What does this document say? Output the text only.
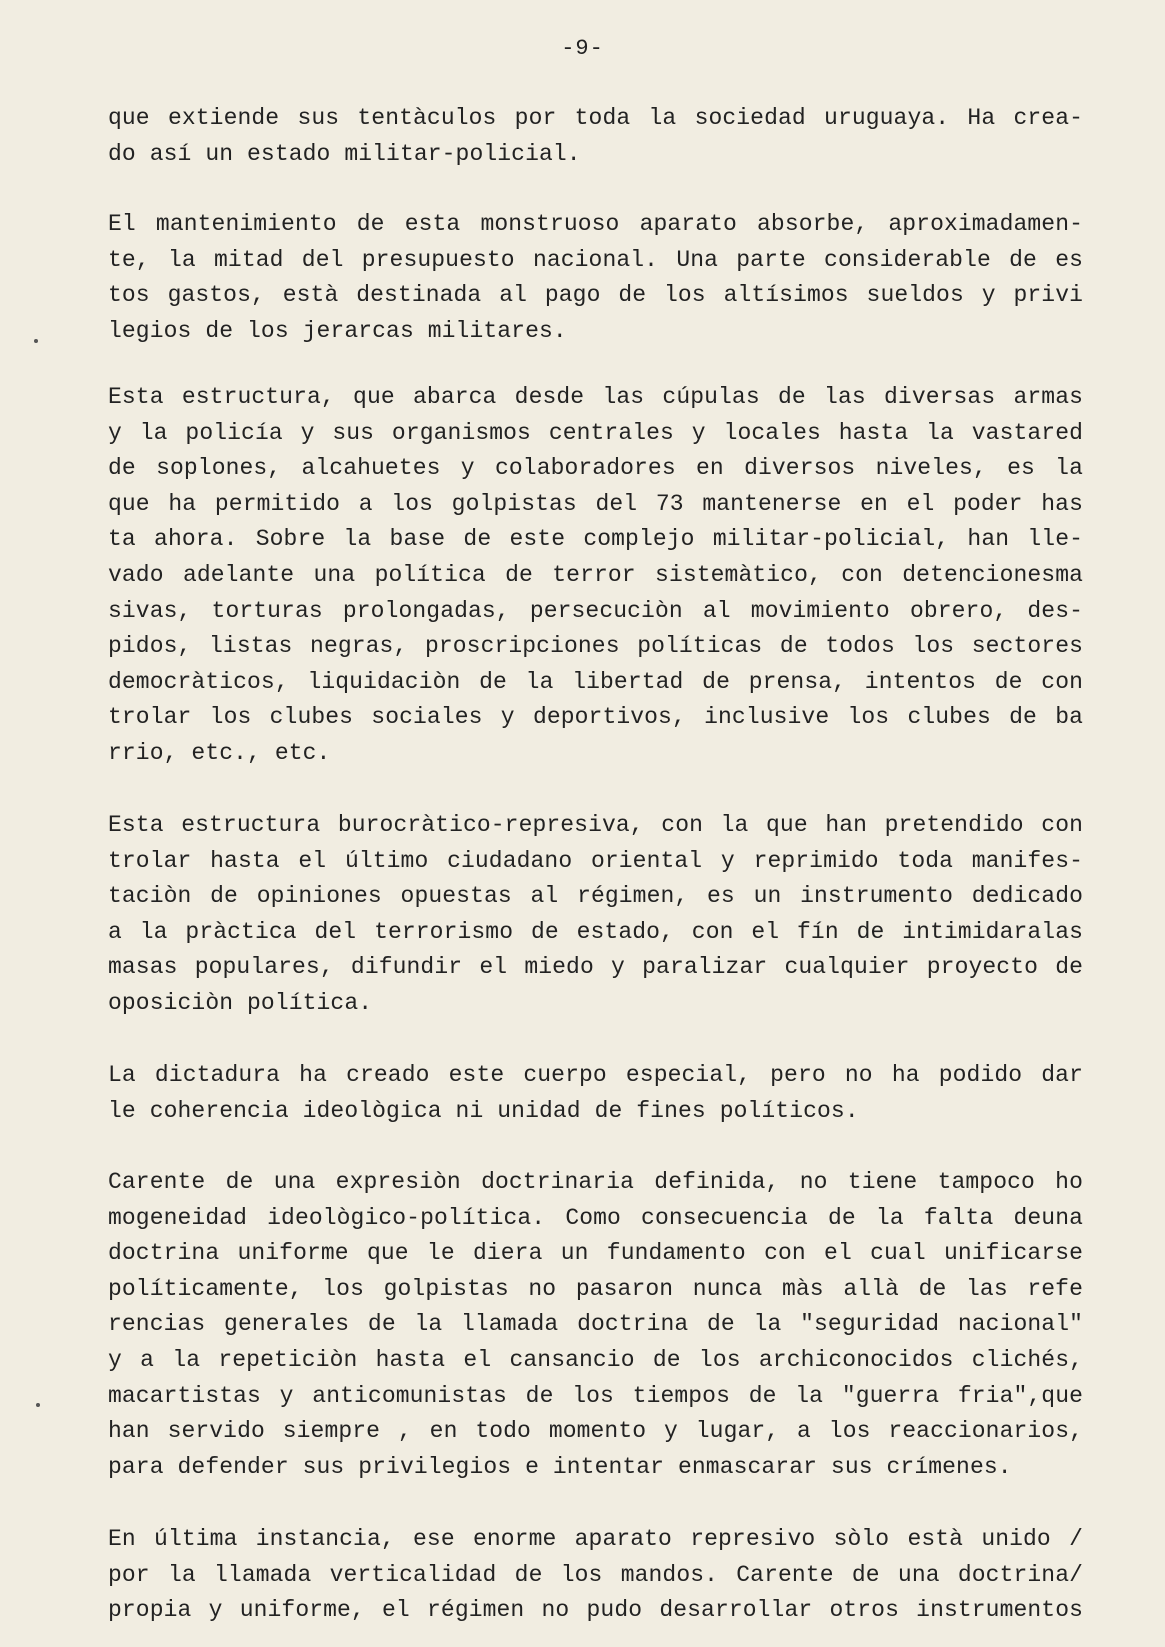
-9-
que extiende sus tentàculos por toda la sociedad uruguaya. Ha crea-
do así un estado militar-policial.
El mantenimiento de esta monstruoso aparato absorbe, aproximadamen-
te, la mitad del presupuesto nacional. Una parte considerable de es
tos gastos, està destinada al pago de los altísimos sueldos y privi
legios de los jerarcas militares.
Esta estructura, que abarca desde las cúpulas de las diversas armas
y la policía y sus organismos centrales y locales hasta la vastared
de soplones, alcahuetes y colaboradores en diversos niveles, es la
que ha permitido a los golpistas del 73 mantenerse en el poder has
ta ahora. Sobre la base de este complejo militar-policial, han lle-
vado adelante una política de terror sistemàtico, con detencionesma
sivas, torturas prolongadas, persecuciòn al movimiento obrero, des-
pidos, listas negras, proscripciones políticas de todos los sectores
democràticos, liquidaciòn de la libertad de prensa, intentos de con
trolar los clubes sociales y deportivos, inclusive los clubes de ba
rrio, etc., etc.
Esta estructura burocràtico-represiva, con la que han pretendido con
trolar hasta el último ciudadano oriental y reprimido toda manifes-
taciòn de opiniones opuestas al régimen, es un instrumento dedicado
a la pràctica del terrorismo de estado, con el fín de intimidaralas
masas populares, difundir el miedo y paralizar cualquier proyecto de
oposiciòn política.
La dictadura ha creado este cuerpo especial, pero no ha podido dar
le coherencia ideològica ni unidad de fines políticos.
Carente de una expresiòn doctrinaria definida, no tiene tampoco ho
mogeneidad ideològico-política. Como consecuencia de la falta deuna
doctrina uniforme que le diera un fundamento con el cual unificarse
políticamente, los golpistas no pasaron nunca màs allà de las refe
rencias generales de la llamada doctrina de la "seguridad nacional"
y a la repeticiòn hasta el cansancio de los archiconocidos clichés,
macartistas y anticomunistas de los tiempos de la "guerra fria",que
han servido siempre , en todo momento y lugar, a los reaccionarios,
para defender sus privilegios e intentar enmascarar sus crímenes.
En última instancia, ese enorme aparato represivo sòlo està unido /
por la llamada verticalidad de los mandos. Carente de una doctrina/
propia y uniforme, el régimen no pudo desarrollar otros instrumentos
